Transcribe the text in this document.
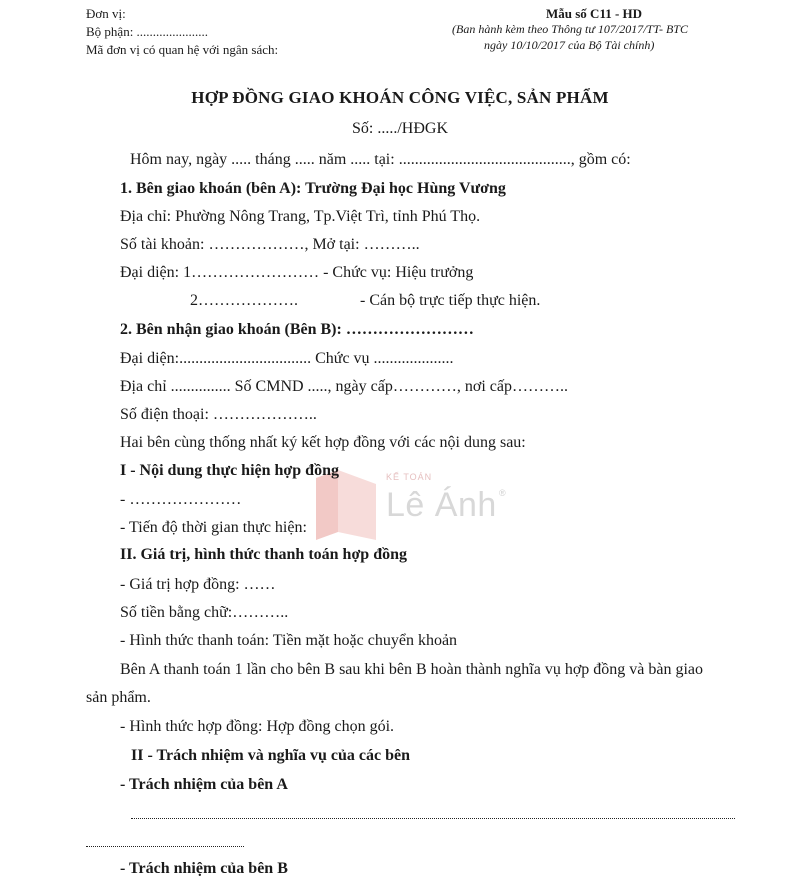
Đơn vị:
Bộ phận: ......................
Mã đơn vị có quan hệ với ngân sách:
Mẫu số C11 - HD
(Ban hành kèm theo Thông tư 107/2017/TT- BTC
ngày 10/10/2017 của Bộ Tài chính)
HỢP ĐỒNG GIAO KHOÁN CÔNG VIỆC, SẢN PHẨM
Số: ...../HĐGK
Hôm nay, ngày ..... tháng ..... năm ..... tại: ..........................................., gồm có:
1. Bên giao khoán (bên A): Trường Đại học Hùng Vương
Địa chỉ: Phường Nông Trang, Tp.Việt Trì, tỉnh Phú Thọ.
Số tài khoản: ………………, Mở tại: ………..
Đại diện: 1…………………… - Chức vụ: Hiệu trưởng
2……………….	- Cán bộ trực tiếp thực hiện.
2. Bên nhận giao khoán (Bên B): ……………………
Đại diện:................................. Chức vụ ....................
Địa chỉ ............... Số CMND ....., ngày cấp…………, nơi cấp………..
Số điện thoại: ………………..
Hai bên cùng thống nhất ký kết hợp đồng với các nội dung sau:
KẾ TOÁN
Lê Ánh ®
I - Nội dung thực hiện hợp đồng
- …………………
- Tiến độ thời gian thực hiện:
II. Giá trị, hình thức thanh toán hợp đồng
- Giá trị hợp đồng: ……
Số tiền bằng chữ:………..
- Hình thức thanh toán: Tiền mặt hoặc chuyển khoản
Bên A thanh toán 1 lần cho bên B sau khi bên B hoàn thành nghĩa vụ hợp đồng và bàn giao
sản phẩm.
- Hình thức hợp đồng: Hợp đồng chọn gói.
II - Trách nhiệm và nghĩa vụ của các bên
- Trách nhiệm của bên A
- Trách nhiệm của bên B
